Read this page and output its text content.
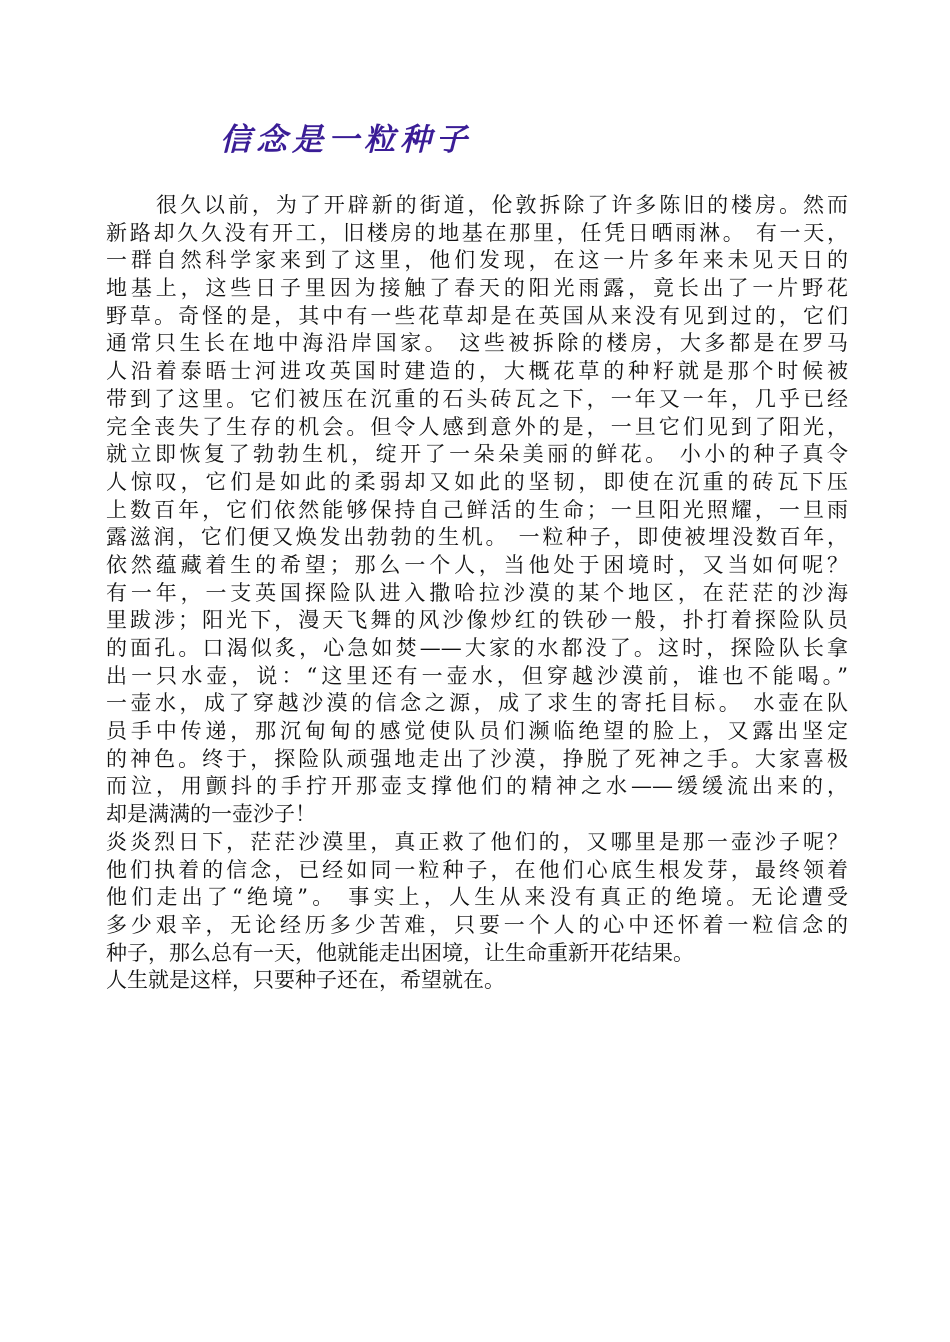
信念是一粒种子
很久以前，为了开辟新的街道，伦敦拆除了许多陈旧的楼房。然而
新路却久久没有开工，旧楼房的地基在那里，任凭日晒雨淋。 有一天，
一群自然科学家来到了这里，他们发现，在这一片多年来未见天日的
地基上，这些日子里因为接触了春天的阳光雨露，竟长出了一片野花
野草。奇怪的是，其中有一些花草却是在英国从来没有见到过的，它们
通常只生长在地中海沿岸国家。 这些被拆除的楼房，大多都是在罗马
人沿着泰晤士河进攻英国时建造的，大概花草的种籽就是那个时候被
带到了这里。它们被压在沉重的石头砖瓦之下，一年又一年，几乎已经
完全丧失了生存的机会。但令人感到意外的是，一旦它们见到了阳光，
就立即恢复了勃勃生机，绽开了一朵朵美丽的鲜花。 小小的种子真令
人惊叹，它们是如此的柔弱却又如此的坚韧，即使在沉重的砖瓦下压
上数百年，它们依然能够保持自己鲜活的生命；一旦阳光照耀，一旦雨
露滋润，它们便又焕发出勃勃的生机。 一粒种子，即使被埋没数百年，
依然蕴藏着生的希望；那么一个人，当他处于困境时，又当如何呢？
有一年，一支英国探险队进入撒哈拉沙漠的某个地区，在茫茫的沙海
里跋涉；阳光下，漫天飞舞的风沙像炒红的铁砂一般，扑打着探险队员
的面孔。口渴似炙，心急如焚——大家的水都没了。这时，探险队长拿
出一只水壶，说：“这里还有一壶水，但穿越沙漠前，谁也不能喝。”
一壶水，成了穿越沙漠的信念之源，成了求生的寄托目标。 水壶在队
员手中传递，那沉甸甸的感觉使队员们濒临绝望的脸上，又露出坚定
的神色。终于，探险队顽强地走出了沙漠，挣脱了死神之手。大家喜极
而泣，用颤抖的手拧开那壶支撑他们的精神之水——缓缓流出来的，
却是满满的一壶沙子！
炎炎烈日下，茫茫沙漠里，真正救了他们的，又哪里是那一壶沙子呢？
他们执着的信念，已经如同一粒种子，在他们心底生根发芽，最终领着
他们走出了“绝境”。 事实上，人生从来没有真正的绝境。无论遭受
多少艰辛，无论经历多少苦难，只要一个人的心中还怀着一粒信念的
种子，那么总有一天，他就能走出困境，让生命重新开花结果。
人生就是这样，只要种子还在，希望就在。
